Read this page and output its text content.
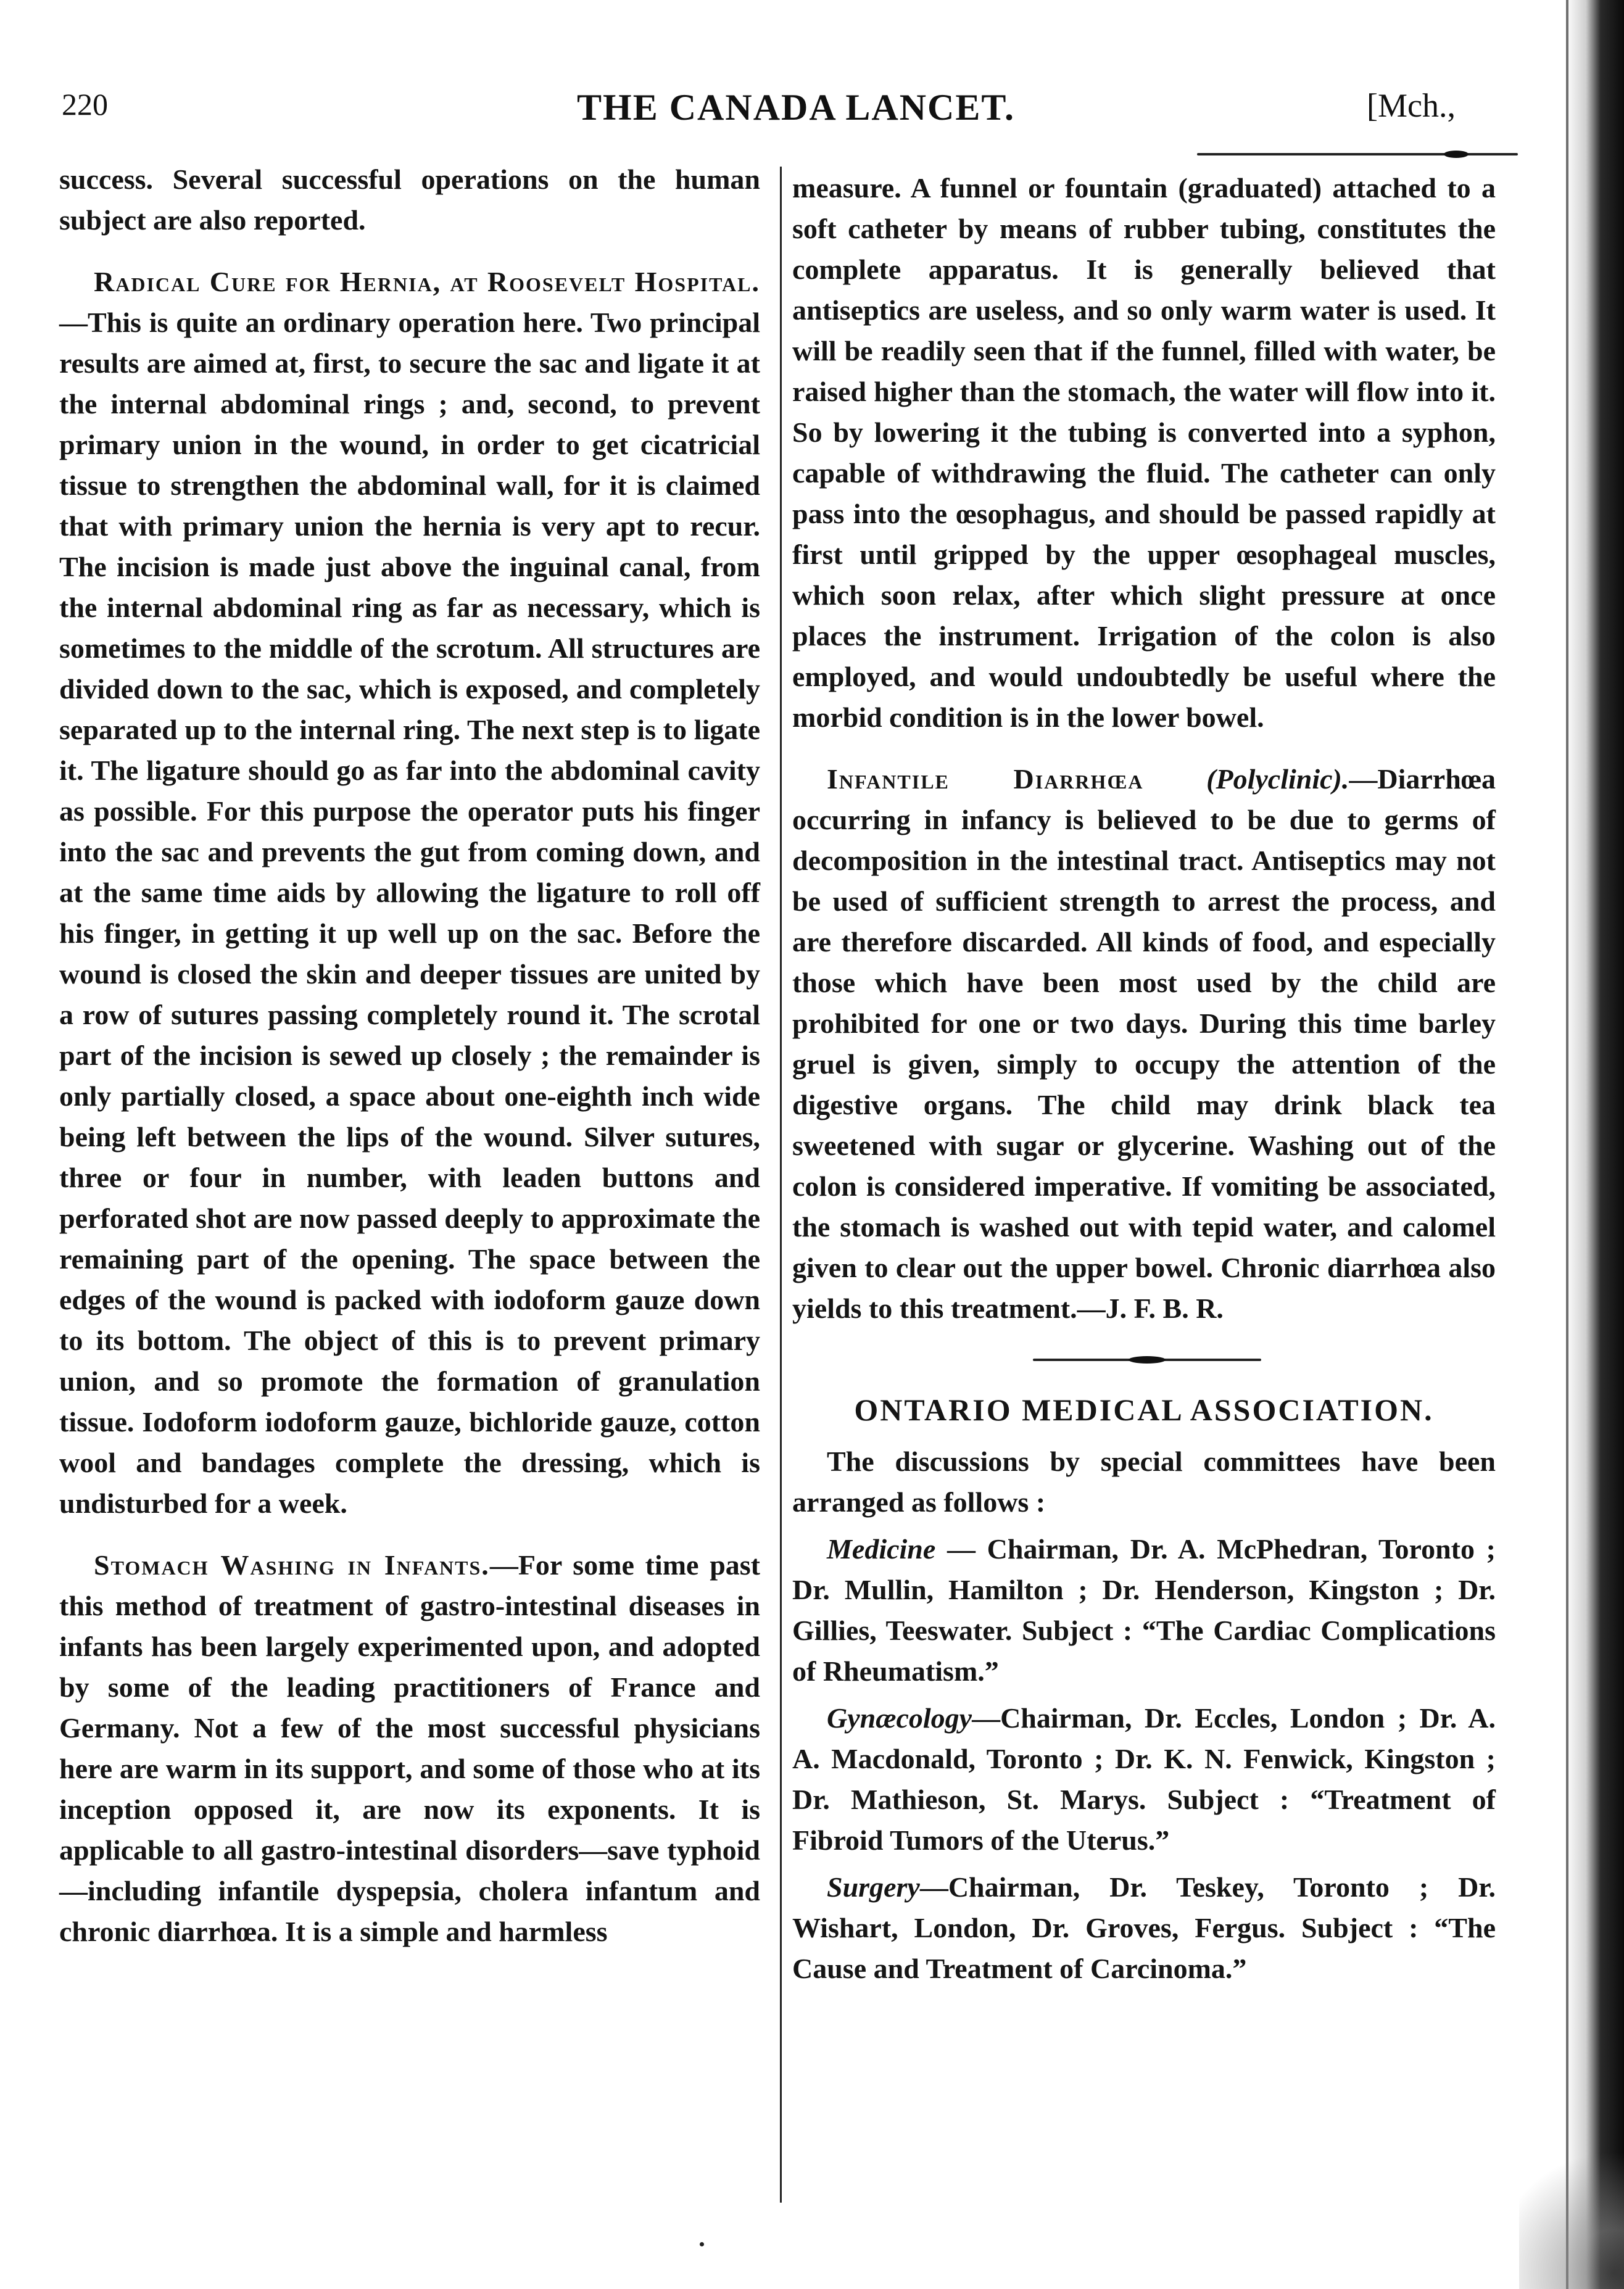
220	THE CANADA LANCET.	[Mch.,

success. Several successful operations on the human subject are also reported.

Radical Cure for Hernia, at Roosevelt Hospital.—This is quite an ordinary operation here. Two principal results are aimed at, first, to secure the sac and ligate it at the internal abdominal rings ; and, second, to prevent primary union in the wound, in order to get cicatricial tissue to strengthen the abdominal wall, for it is claimed that with primary union the hernia is very apt to recur. The incision is made just above the inguinal canal, from the internal abdominal ring as far as necessary, which is sometimes to the middle of the scrotum. All structures are divided down to the sac, which is exposed, and completely separated up to the internal ring. The next step is to ligate it. The ligature should go as far into the abdominal cavity as possible. For this purpose the operator puts his finger into the sac and prevents the gut from coming down, and at the same time aids by allowing the ligature to roll off his finger, in getting it up well up on the sac. Before the wound is closed the skin and deeper tissues are united by a row of sutures passing completely round it. The scrotal part of the incision is sewed up closely ; the remainder is only partially closed, a space about one-eighth inch wide being left between the lips of the wound. Silver sutures, three or four in number, with leaden buttons and perforated shot are now passed deeply to approximate the remaining part of the opening. The space between the edges of the wound is packed with iodoform gauze down to its bottom. The object of this is to prevent primary union, and so promote the formation of granulation tissue. Iodoform iodoform gauze, bichloride gauze, cotton wool and bandages complete the dressing, which is undisturbed for a week.

Stomach Washing in Infants.—For some time past this method of treatment of gastro-intestinal diseases in infants has been largely experimented upon, and adopted by some of the leading practitioners of France and Germany. Not a few of the most successful physicians here are warm in its support, and some of those who at its inception opposed it, are now its exponents. It is applicable to all gastro-intestinal disorders—save typhoid—including infantile dyspepsia, cholera infantum and chronic diarrhœa. It is a simple and harmless

measure. A funnel or fountain (graduated) attached to a soft catheter by means of rubber tubing, constitutes the complete apparatus. It is generally believed that antiseptics are useless, and so only warm water is used. It will be readily seen that if the funnel, filled with water, be raised higher than the stomach, the water will flow into it. So by lowering it the tubing is converted into a syphon, capable of withdrawing the fluid. The catheter can only pass into the œsophagus, and should be passed rapidly at first until gripped by the upper œsophageal muscles, which soon relax, after which slight pressure at once places the instrument. Irrigation of the colon is also employed, and would undoubtedly be useful where the morbid condition is in the lower bowel.

Infantile Diarrhœa (Polyclinic).—Diarrhœa occurring in infancy is believed to be due to germs of decomposition in the intestinal tract. Antiseptics may not be used of sufficient strength to arrest the process, and are therefore discarded. All kinds of food, and especially those which have been most used by the child are prohibited for one or two days. During this time barley gruel is given, simply to occupy the attention of the digestive organs. The child may drink black tea sweetened with sugar or glycerine. Washing out of the colon is considered imperative. If vomiting be associated, the stomach is washed out with tepid water, and calomel given to clear out the upper bowel. Chronic diarrhœa also yields to this treatment.—J. F. B. R.

ONTARIO MEDICAL ASSOCIATION.

The discussions by special committees have been arranged as follows :

Medicine — Chairman, Dr. A. McPhedran, Toronto ; Dr. Mullin, Hamilton ; Dr. Henderson, Kingston ; Dr. Gillies, Teeswater. Subject : “The Cardiac Complications of Rheumatism.”

Gynæcology—Chairman, Dr. Eccles, London ; Dr. A. A. Macdonald, Toronto ; Dr. K. N. Fenwick, Kingston ; Dr. Mathieson, St. Marys. Subject : “Treatment of Fibroid Tumors of the Uterus.”

Surgery—Chairman, Dr. Teskey, Toronto ; Dr. Wishart, London, Dr. Groves, Fergus. Subject : “The Cause and Treatment of Carcinoma.”
